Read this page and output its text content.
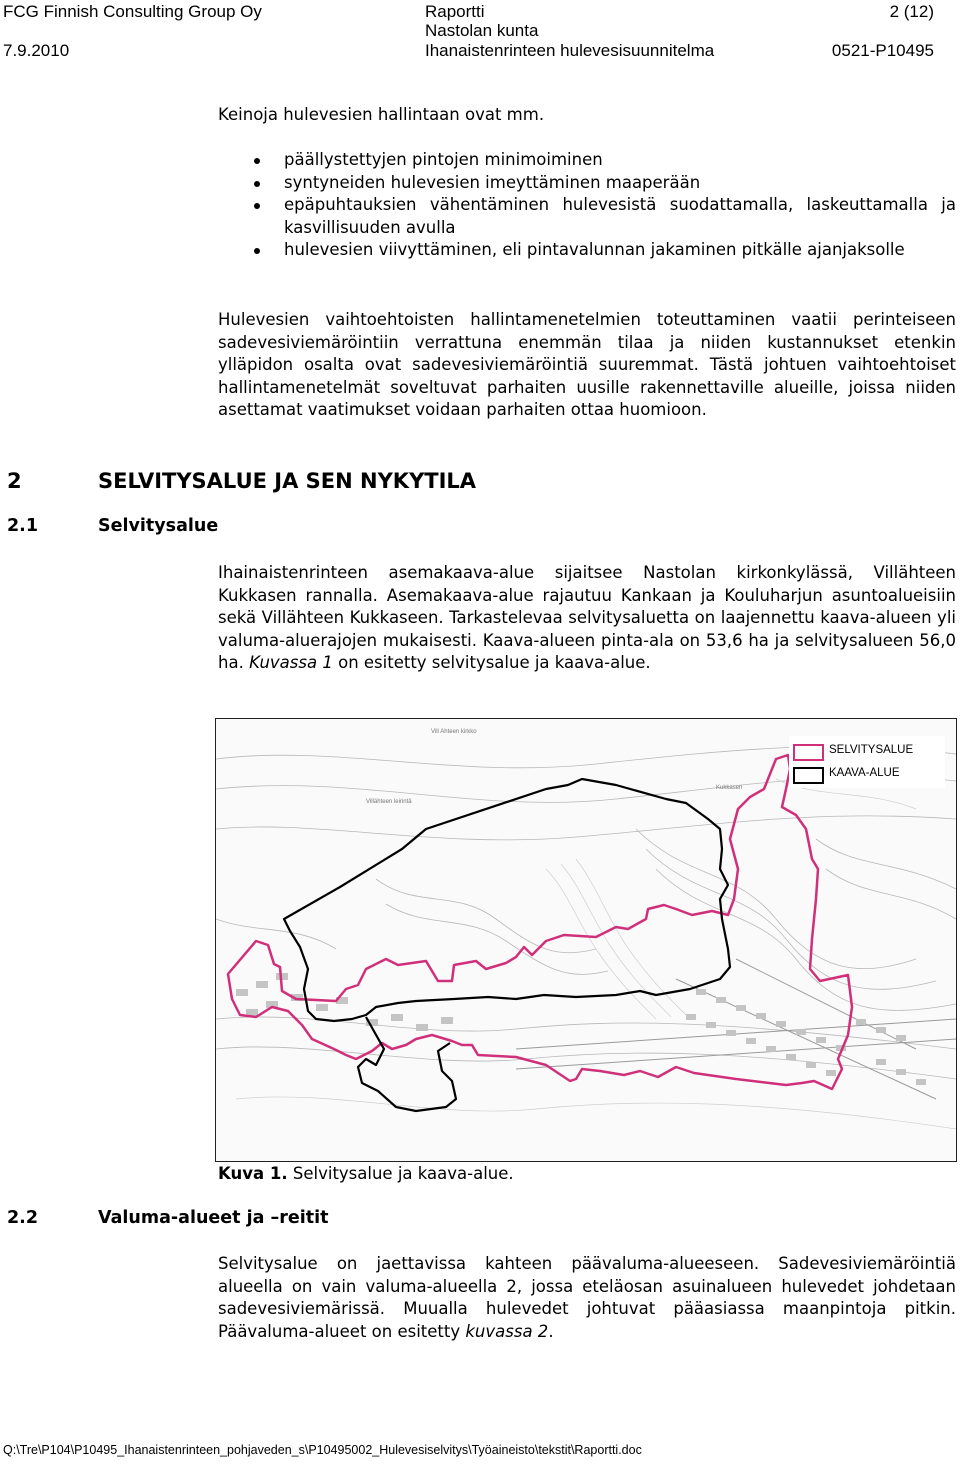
FCG Finnish Consulting Group Oy
7.9.2010
Raportti
Nastolan kunta
Ihanaistenrinteen hulevesisuunnitelma
2 (12)
0521-P10495
Keinoja hulevesien hallintaan ovat mm.
päällystettyjen pintojen minimoiminen
syntyneiden hulevesien imeyttäminen maaperään
epäpuhtauksien vähentäminen hulevesistä suodattamalla, laskeuttamalla ja kasvillisuuden avulla
hulevesien viivyttäminen, eli pintavalunnan jakaminen pitkälle ajanjaksolle
Hulevesien vaihtoehtoisten hallintamenetelmien toteuttaminen vaatii perinteiseen sadevesiviemäröintiin verrattuna enemmän tilaa ja niiden kustannukset etenkin ylläpidon osalta ovat sadevesiviemäröintiä suuremmat. Tästä johtuen vaihtoehtoiset hallintamenetelmät soveltuvat parhaiten uusille rakennettaville alueille, joissa niiden asettamat vaatimukset voidaan parhaiten ottaa huomioon.
2	SELVITYSALUE JA SEN NYKYTILA
2.1	Selvitysalue
Ihainaistenrinteen asemakaava-alue sijaitsee Nastolan kirkonkylässä, Villähteen Kukkasen rannalla. Asemakaava-alue rajautuu Kankaan ja Kouluharjun asuntoalueisiin sekä Villähteen Kukkaseen. Tarkastelevaa selvitysaluetta on laajennettu kaava-alueen yli valuma-aluerajojen mukaisesti. Kaava-alueen pinta-ala on 53,6 ha ja selvitysalueen 56,0 ha. Kuvassa 1 on esitetty selvitysalue ja kaava-alue.
Vill Ahteen kirkko
Villähteen leirintä
Kukkasen
SELVITYSALUE
KAAVA-ALUE
Kuva 1. Selvitysalue ja kaava-alue.
2.2	Valuma-alueet ja –reitit
Selvitysalue on jaettavissa kahteen päävaluma-alueeseen. Sadevesiviemäröintiä alueella on vain valuma-alueella 2, jossa eteläosan asuinalueen hulevedet johdetaan sadevesiviemärissä. Muualla hulevedet johtuvat pääasiassa maanpintoja pitkin. Päävaluma-alueet on esitetty kuvassa 2.
Q:\Tre\P104\P10495_Ihanaistenrinteen_pohjaveden_s\P10495002_Hulevesiselvitys\Työaineisto\tekstit\Raportti.doc
